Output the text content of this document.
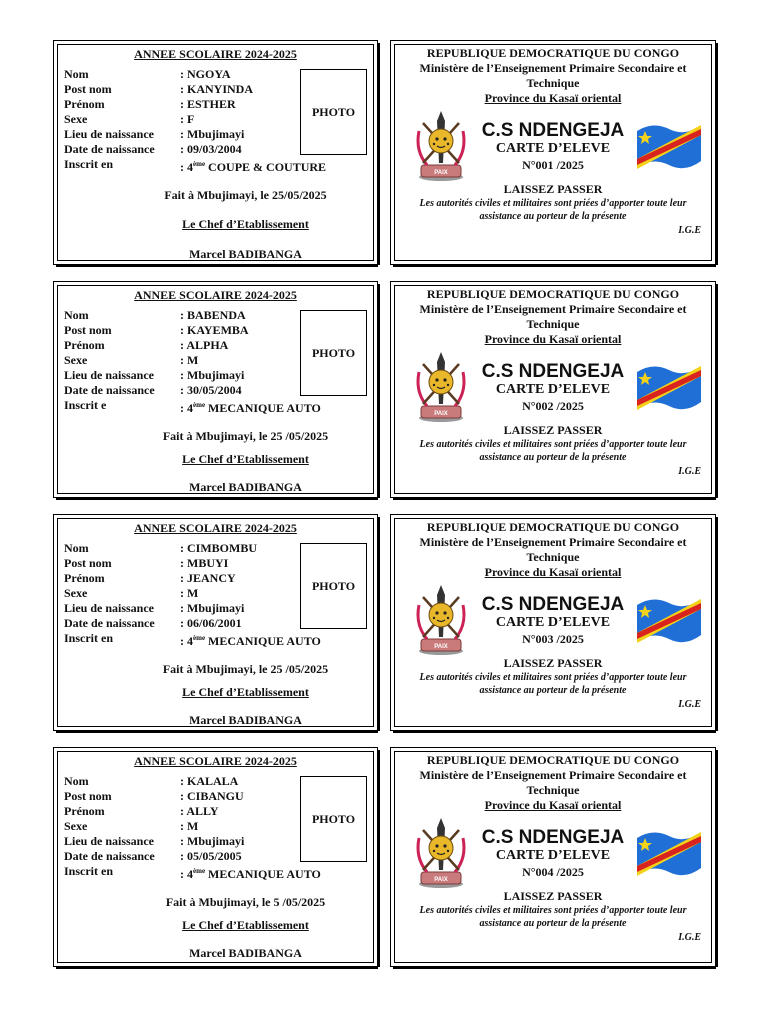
ANNEE SCOLAIRE 2024-2025
Nom	: NGOYA
Post nom	: KANYINDA
Prénom	: ESTHER
Sexe	: F
Lieu de naissance : Mbujimayi
Date de naissance : 09/03/2004
Inscrit en	: 4ème COUPE & COUTURE
PHOTO
Fait à Mbujimayi, le 25/05/2025
Le Chef d’Etablissement
Marcel BADIBANGA
REPUBLIQUE DEMOCRATIQUE DU CONGO
Ministère de l’Enseignement Primaire Secondaire et
Technique
Province du Kasaï oriental
PAIX
C.S NDENGEJA
CARTE D’ELEVE
N°001 /2025
LAISSEZ PASSER
Les autorités civiles et militaires sont priées d’apporter toute leur
assistance au porteur de la présente
I.G.E
ANNEE SCOLAIRE 2024-2025
Nom	: BABENDA
Post nom	: KAYEMBA
Prénom	: ALPHA
Sexe	: M
Lieu de naissance : Mbujimayi
Date de naissance : 30/05/2004
Inscrit e	: 4ème MECANIQUE AUTO
PHOTO
Fait à Mbujimayi, le 25 /05/2025
Le Chef d’Etablissement
Marcel BADIBANGA
REPUBLIQUE DEMOCRATIQUE DU CONGO
Ministère de l’Enseignement Primaire Secondaire et
Technique
Province du Kasaï oriental
PAIX
C.S NDENGEJA
CARTE D’ELEVE
N°002 /2025
LAISSEZ PASSER
Les autorités civiles et militaires sont priées d’apporter toute leur
assistance au porteur de la présente
I.G.E
ANNEE SCOLAIRE 2024-2025
Nom	: CIMBOMBU
Post nom	: MBUYI
Prénom	: JEANCY
Sexe	: M
Lieu de naissance : Mbujimayi
Date de naissance : 06/06/2001
Inscrit en	: 4ème MECANIQUE AUTO
PHOTO
Fait à Mbujimayi, le 25 /05/2025
Le Chef d’Etablissement
Marcel BADIBANGA
REPUBLIQUE DEMOCRATIQUE DU CONGO
Ministère de l’Enseignement Primaire Secondaire et
Technique
Province du Kasaï oriental
PAIX
C.S NDENGEJA
CARTE D’ELEVE
N°003 /2025
LAISSEZ PASSER
Les autorités civiles et militaires sont priées d’apporter toute leur
assistance au porteur de la présente
I.G.E
ANNEE SCOLAIRE 2024-2025
Nom	: KALALA
Post nom	: CIBANGU
Prénom	: ALLY
Sexe	: M
Lieu de naissance : Mbujimayi
Date de naissance : 05/05/2005
Inscrit en	: 4ème MECANIQUE AUTO
PHOTO
Fait à Mbujimayi, le 5 /05/2025
Le Chef d’Etablissement
Marcel BADIBANGA
REPUBLIQUE DEMOCRATIQUE DU CONGO
Ministère de l’Enseignement Primaire Secondaire et
Technique
Province du Kasaï oriental
PAIX
C.S NDENGEJA
CARTE D’ELEVE
N°004 /2025
LAISSEZ PASSER
Les autorités civiles et militaires sont priées d’apporter toute leur
assistance au porteur de la présente
I.G.E
